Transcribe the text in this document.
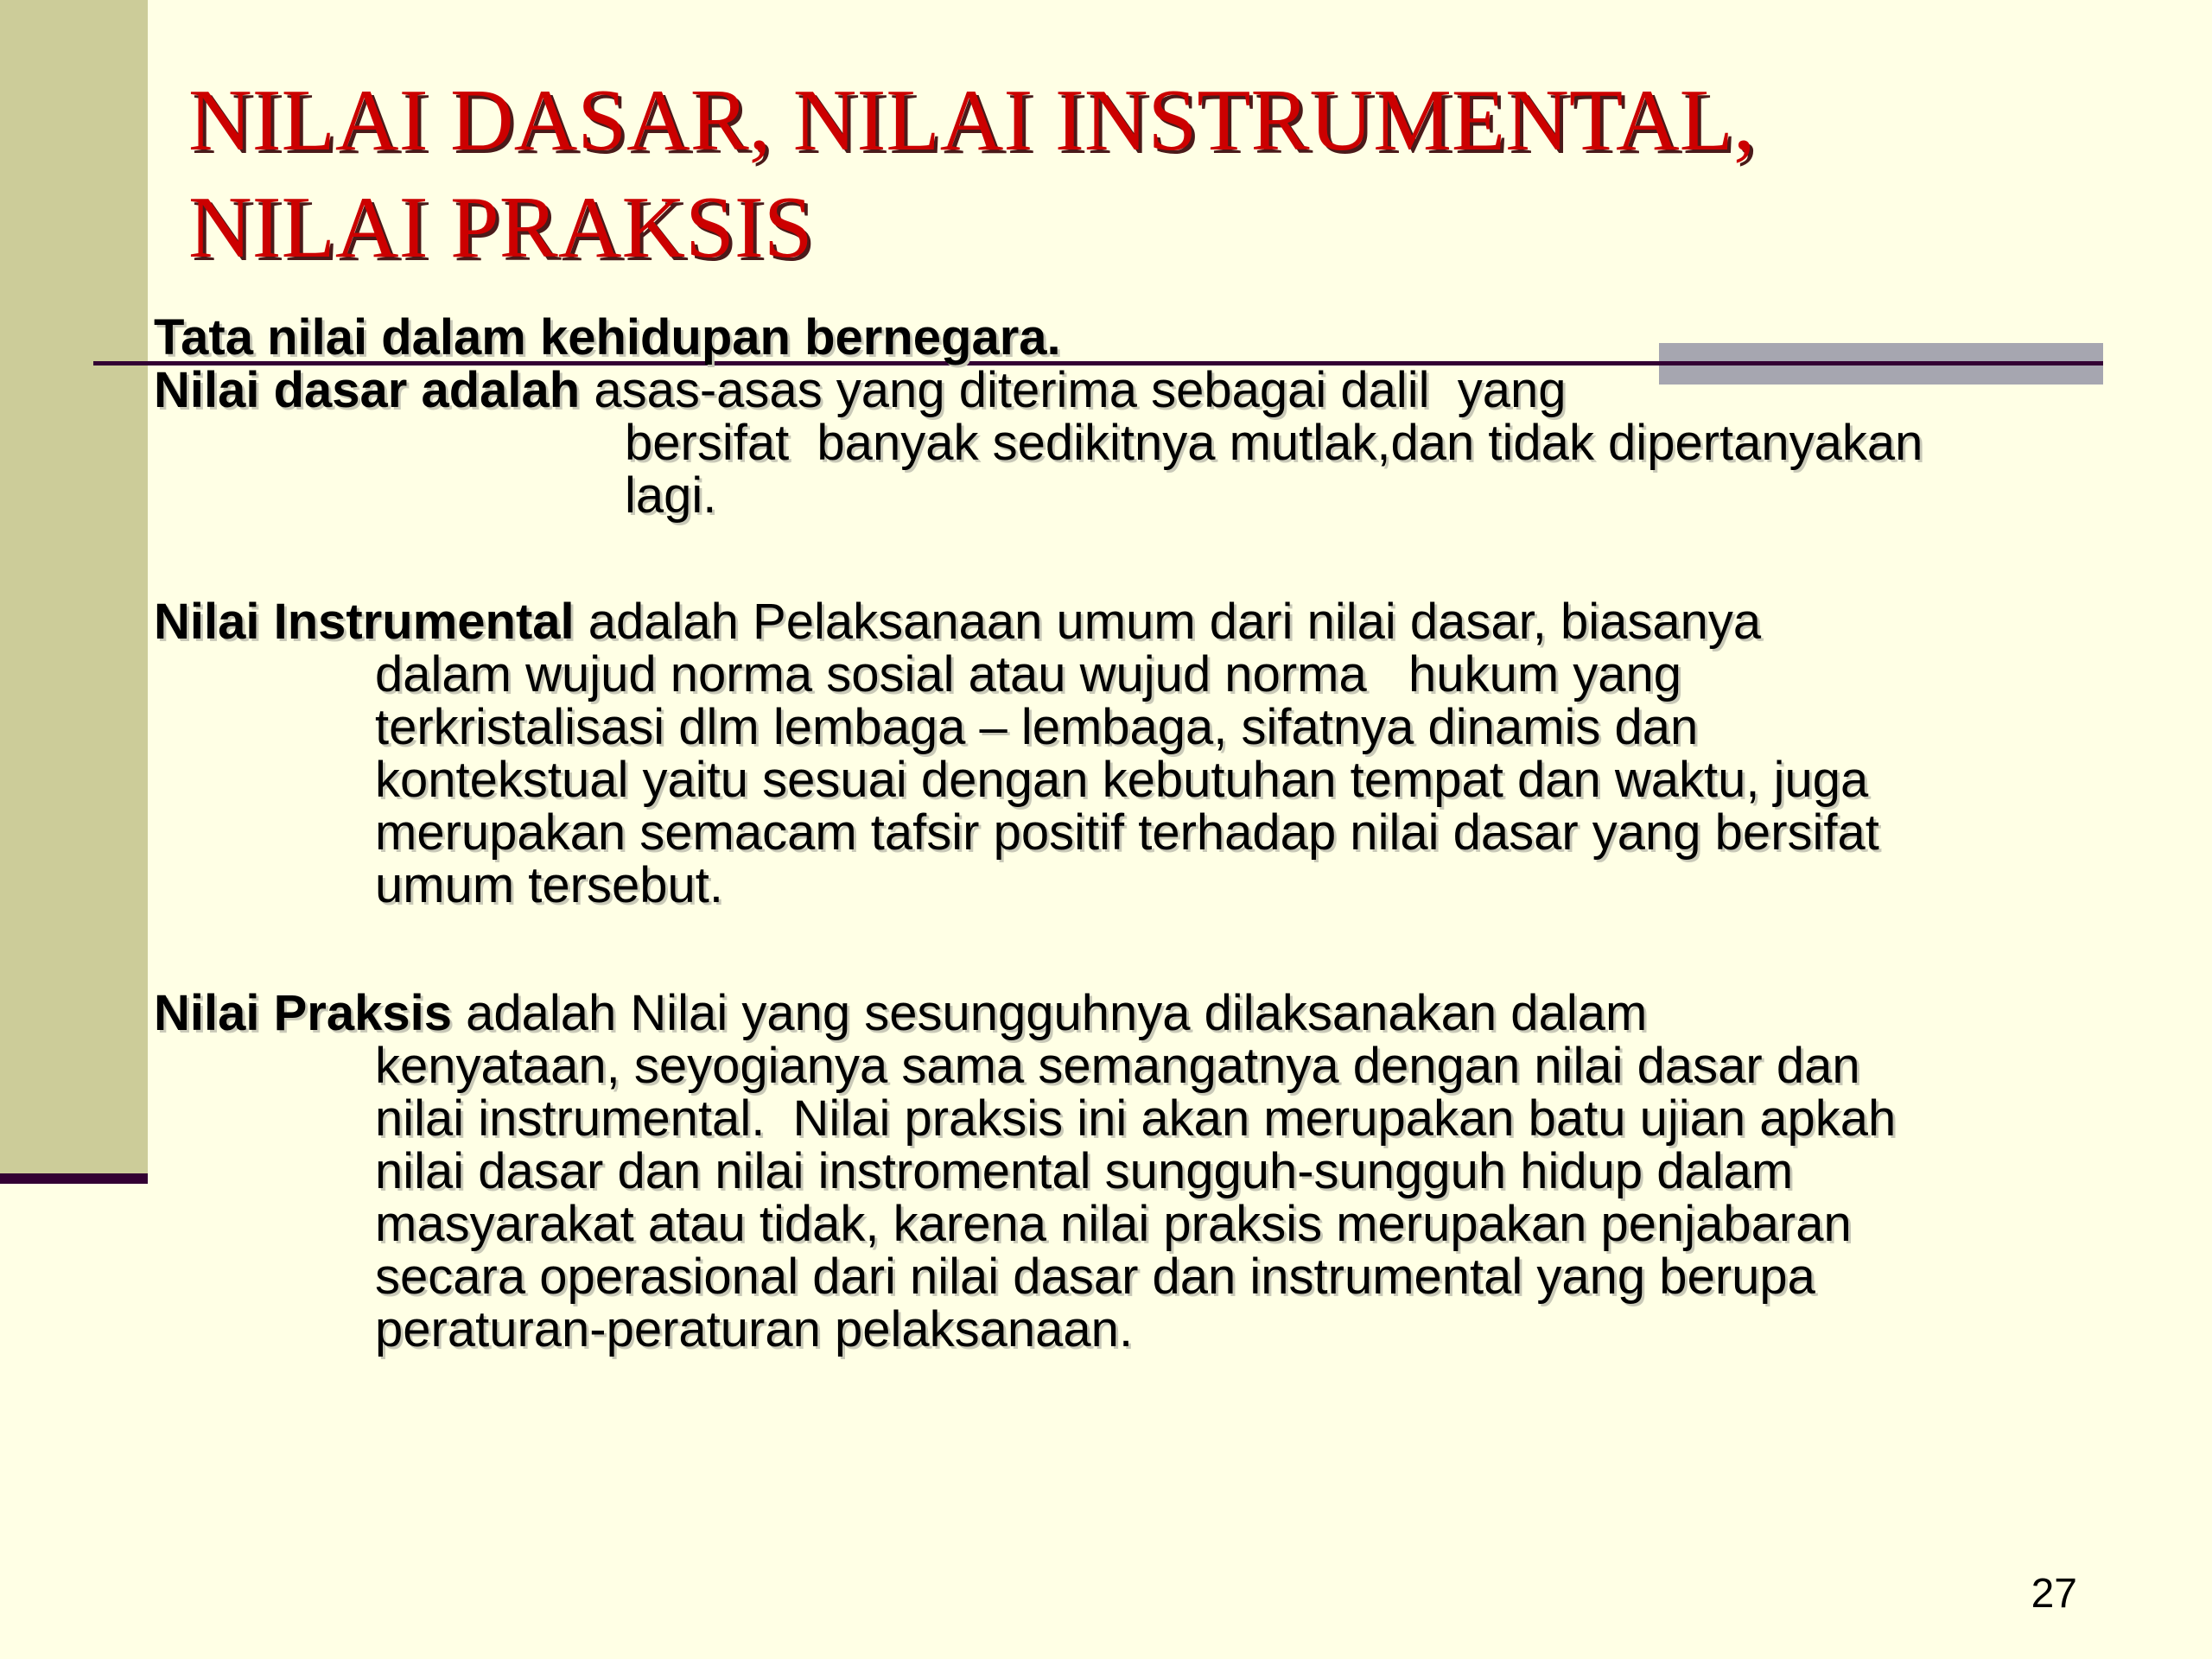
NILAI DASAR, NILAI INSTRUMENTAL,
NILAI PRAKSIS

Tata nilai dalam kehidupan bernegara.

Nilai dasar adalah asas-asas yang diterima sebagai dalil  yang
bersifat  banyak sedikitnya mutlak,dan tidak dipertanyakan
lagi.

Nilai Instrumental adalah Pelaksanaan umum dari nilai dasar, biasanya
dalam wujud norma sosial atau wujud norma   hukum yang
terkristalisasi dlm lembaga – lembaga, sifatnya dinamis dan
kontekstual yaitu sesuai dengan kebutuhan tempat dan waktu, juga
merupakan semacam tafsir positif terhadap nilai dasar yang bersifat
umum tersebut.

Nilai Praksis adalah Nilai yang sesungguhnya dilaksanakan dalam
kenyataan, seyogianya sama semangatnya dengan nilai dasar dan
nilai instrumental.  Nilai praksis ini akan merupakan batu ujian apkah
nilai dasar dan nilai instromental sungguh-sungguh hidup dalam
masyarakat atau tidak, karena nilai praksis merupakan penjabaran
secara operasional dari nilai dasar dan instrumental yang berupa
peraturan-peraturan pelaksanaan.

27
